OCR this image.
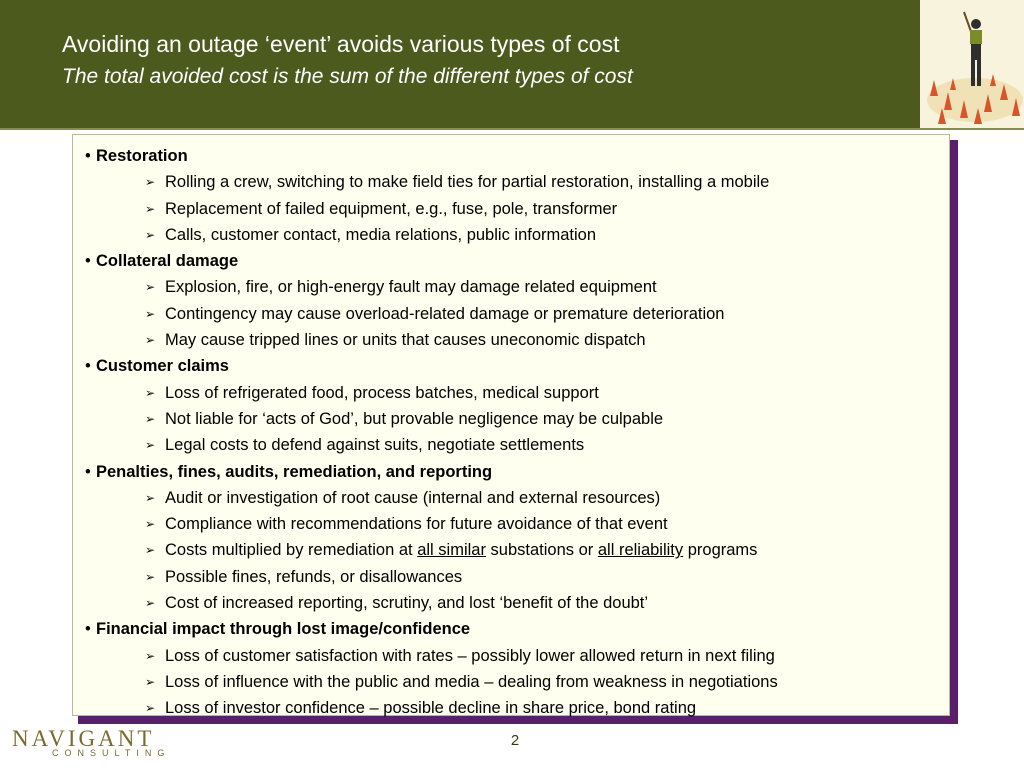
Avoiding an outage ‘event’ avoids various types of cost
The total avoided cost is the sum of the different types of cost
• Restoration
➢ Rolling a crew, switching to make field ties for partial restoration, installing a mobile
➢ Replacement of failed equipment, e.g., fuse, pole, transformer
➢ Calls, customer contact, media relations, public information
• Collateral damage
➢ Explosion, fire, or high-energy fault may damage related equipment
➢ Contingency may cause overload-related damage or premature deterioration
➢ May cause tripped lines or units that causes uneconomic dispatch
• Customer claims
➢ Loss of refrigerated food, process batches, medical support
➢ Not liable for ‘acts of God’, but provable negligence may be culpable
➢ Legal costs to defend against suits, negotiate settlements
• Penalties, fines, audits, remediation, and reporting
➢ Audit or investigation of root cause (internal and external resources)
➢ Compliance with recommendations for future avoidance of that event
➢ Costs multiplied by remediation at all similar substations or all reliability programs
➢ Possible fines, refunds, or disallowances
➢ Cost of increased reporting, scrutiny, and lost ‘benefit of the doubt’
• Financial impact through lost image/confidence
➢ Loss of customer satisfaction with rates – possibly lower allowed return in next filing
➢ Loss of influence with the public and media – dealing from weakness in negotiations
➢ Loss of investor confidence – possible decline in share price, bond rating
NAVIGANT
CONSULTING
2
